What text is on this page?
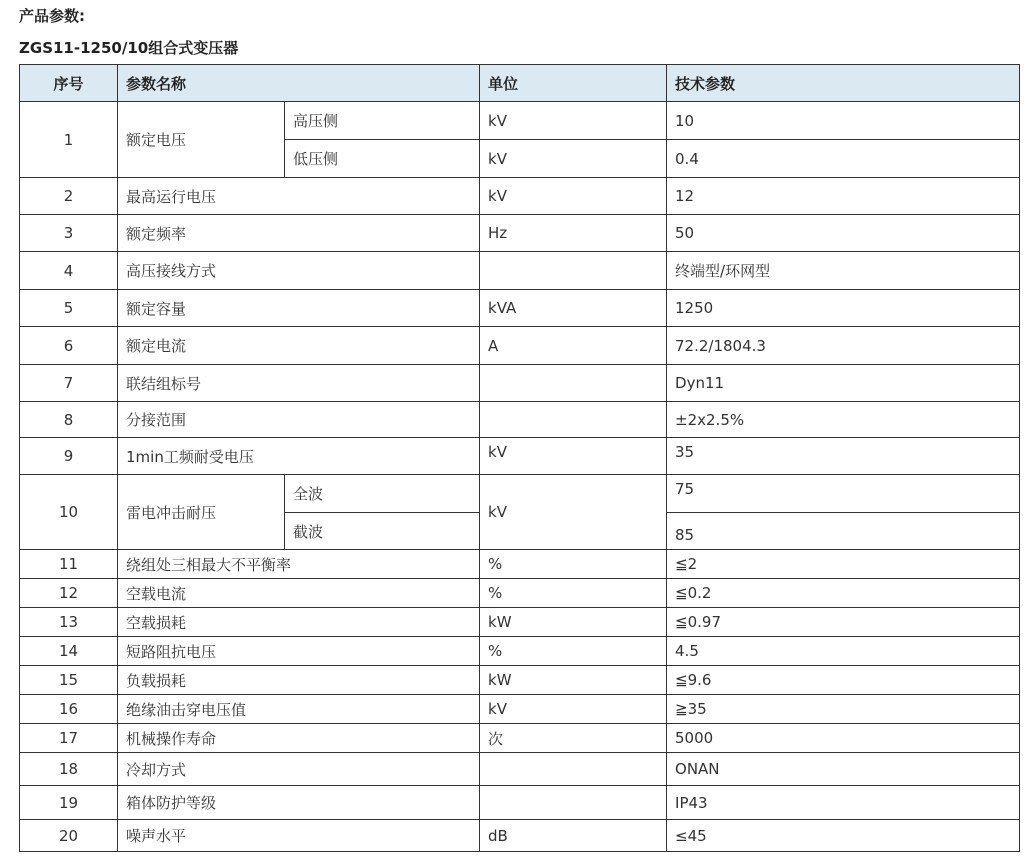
产品参数:

ZGS11-1250/10组合式变压器

序号	参数名称		单位	技术参数
1	额定电压	高压侧	kV	10
		低压侧	kV	0.4
2	最高运行电压		kV	12
3	额定频率		Hz	50
4	高压接线方式			终端型/环网型
5	额定容量		kVA	1250
6	额定电流		A	72.2/1804.3
7	联结组标号			Dyn11
8	分接范围			±2x2.5%
9	1min工频耐受电压		kV	35
10	雷电冲击耐压	全波	kV	75
		截波		85
11	绕组处三相最大不平衡率		%	≦2
12	空载电流		%	≦0.2
13	空载损耗		kW	≦0.97
14	短路阻抗电压		%	4.5
15	负载损耗		kW	≦9.6
16	绝缘油击穿电压值		kV	≧35
17	机械操作寿命		次	5000
18	冷却方式			ONAN
19	箱体防护等级			IP43
20	噪声水平		dB	≤45
